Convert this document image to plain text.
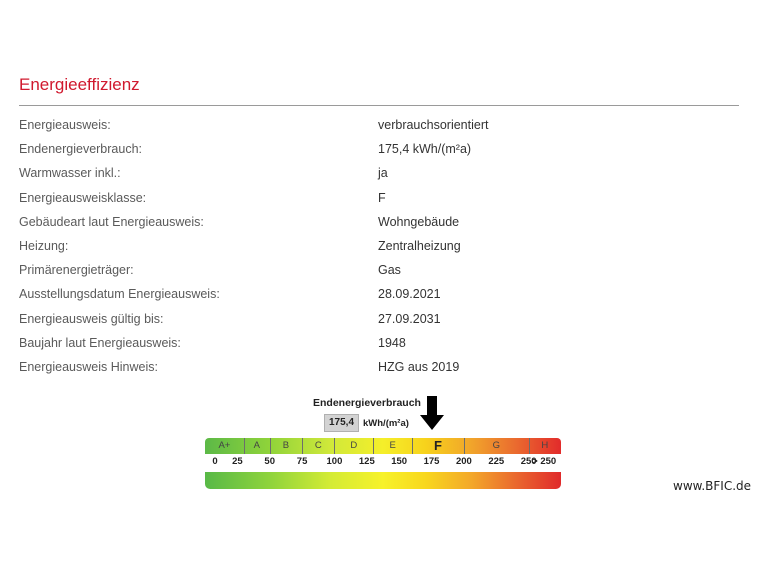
Energieeffizienz
Energieausweis:	verbrauchsorientiert
Endenergieverbrauch:	175,4 kWh/(m²a)
Warmwasser inkl.:	ja
Energieausweisklasse:	F
Gebäudeart laut Energieausweis:	Wohngebäude
Heizung:	Zentralheizung
Primärenergieträger:	Gas
Ausstellungsdatum Energieausweis:	28.09.2021
Energieausweis gültig bis:	27.09.2031
Baujahr laut Energieausweis:	1948
Energieausweis Hinweis:	HZG aus 2019
Endenergieverbrauch
175,4 kWh/(m²a)
A+ A B	C	D	E	F	G	H
0 25 50 75 100 125 150 175 200 225 250
> 250
www.BFIC.de
